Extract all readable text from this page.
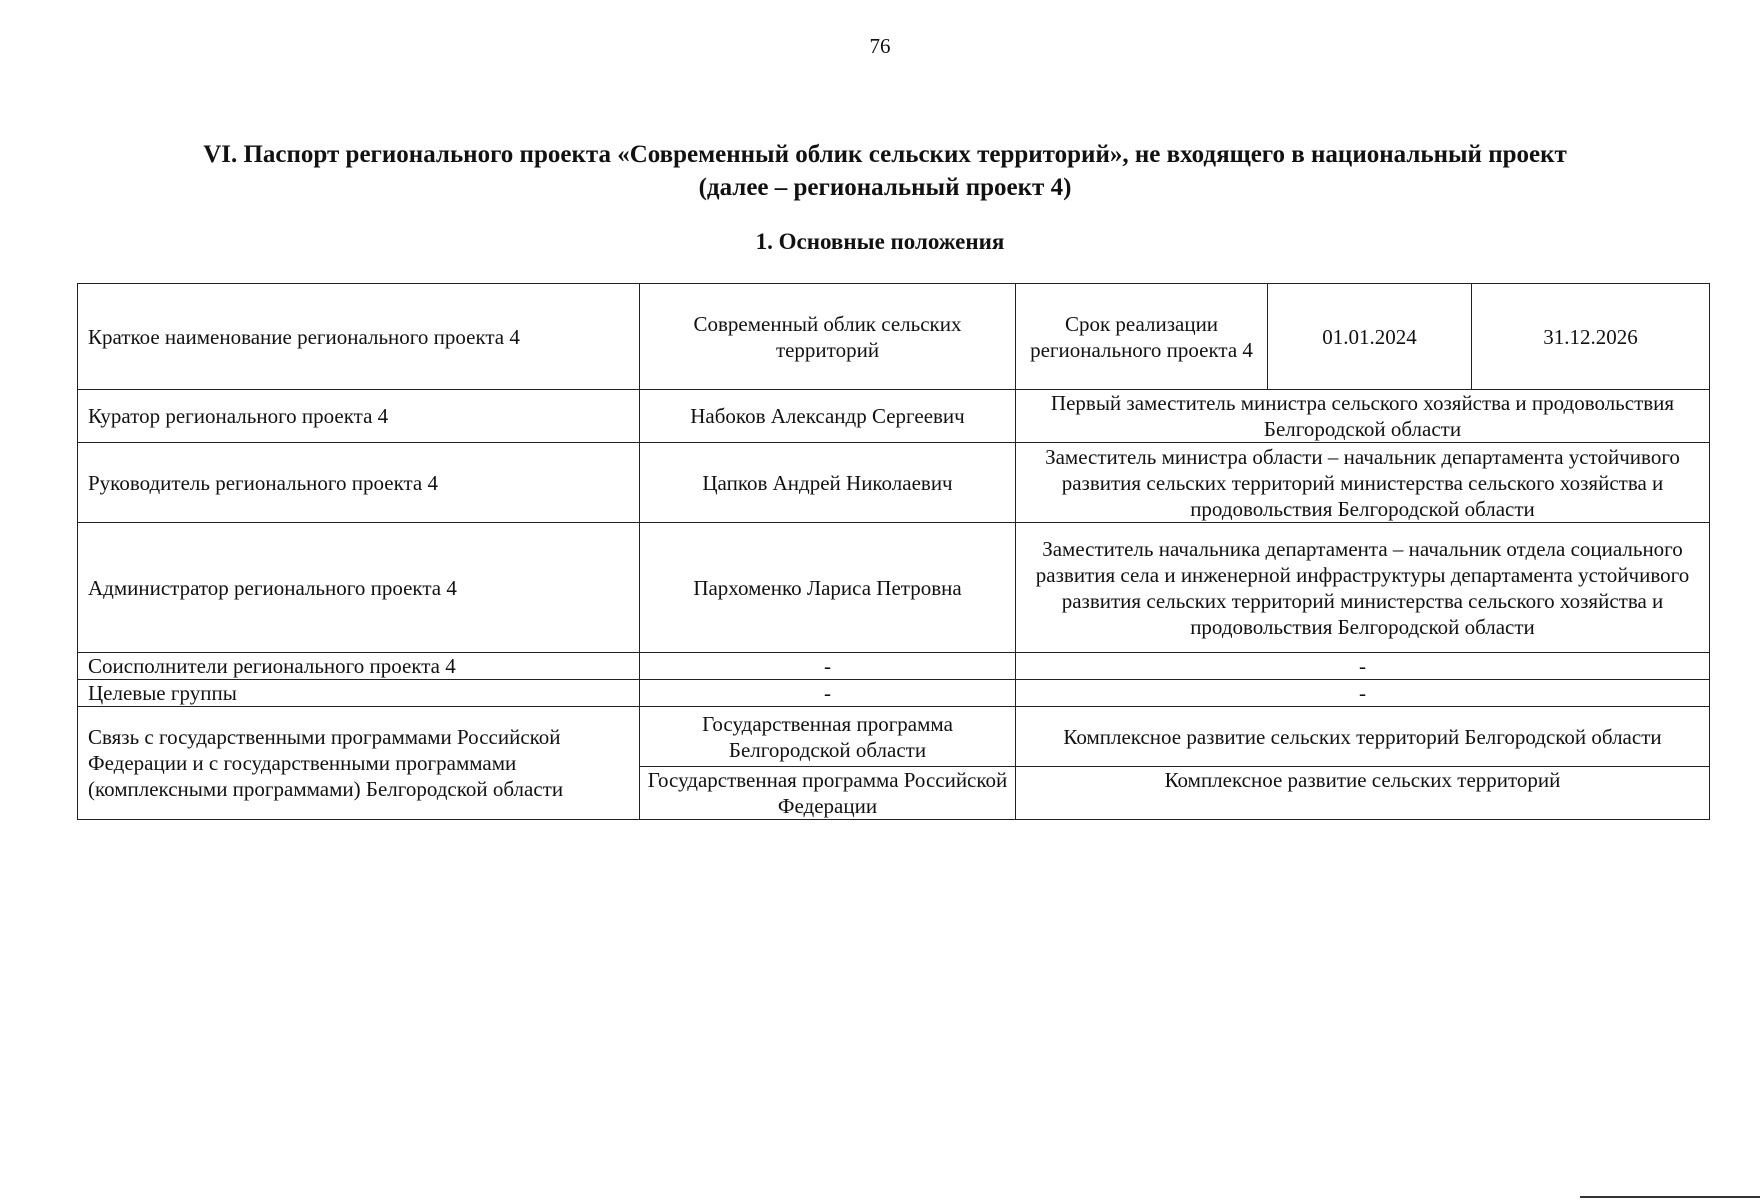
76
VI. Паспорт регионального проекта «Современный облик сельских территорий», не входящего в национальный проект
(далее – региональный проект 4)
1. Основные положения
Краткое наименование регионального проекта 4	Современный облик сельских территорий	Срок реализации регионального проекта 4	01.01.2024	31.12.2026
Куратор регионального проекта 4	Набоков Александр Сергеевич	Первый заместитель министра сельского хозяйства и продовольствия Белгородской области		
Руководитель регионального проекта 4	Цапков Андрей Николаевич	Заместитель министра области – начальник департамента устойчивого развития сельских территорий министерства сельского хозяйства и продовольствия Белгородской области		
Администратор регионального проекта 4	Пархоменко Лариса Петровна	Заместитель начальника департамента – начальник отдела социального развития села и инженерной инфраструктуры департамента устойчивого развития сельских территорий министерства сельского хозяйства и продовольствия Белгородской области		
Соисполнители регионального проекта 4	-	-		
Целевые группы	-	-		
Связь с государственными программами Российской Федерации и с государственными программами (комплексными программами) Белгородской области	Государственная программа Белгородской области	Комплексное развитие сельских территорий Белгородской области		
	Государственная программа Российской Федерации	Комплексное развитие сельских территорий		
